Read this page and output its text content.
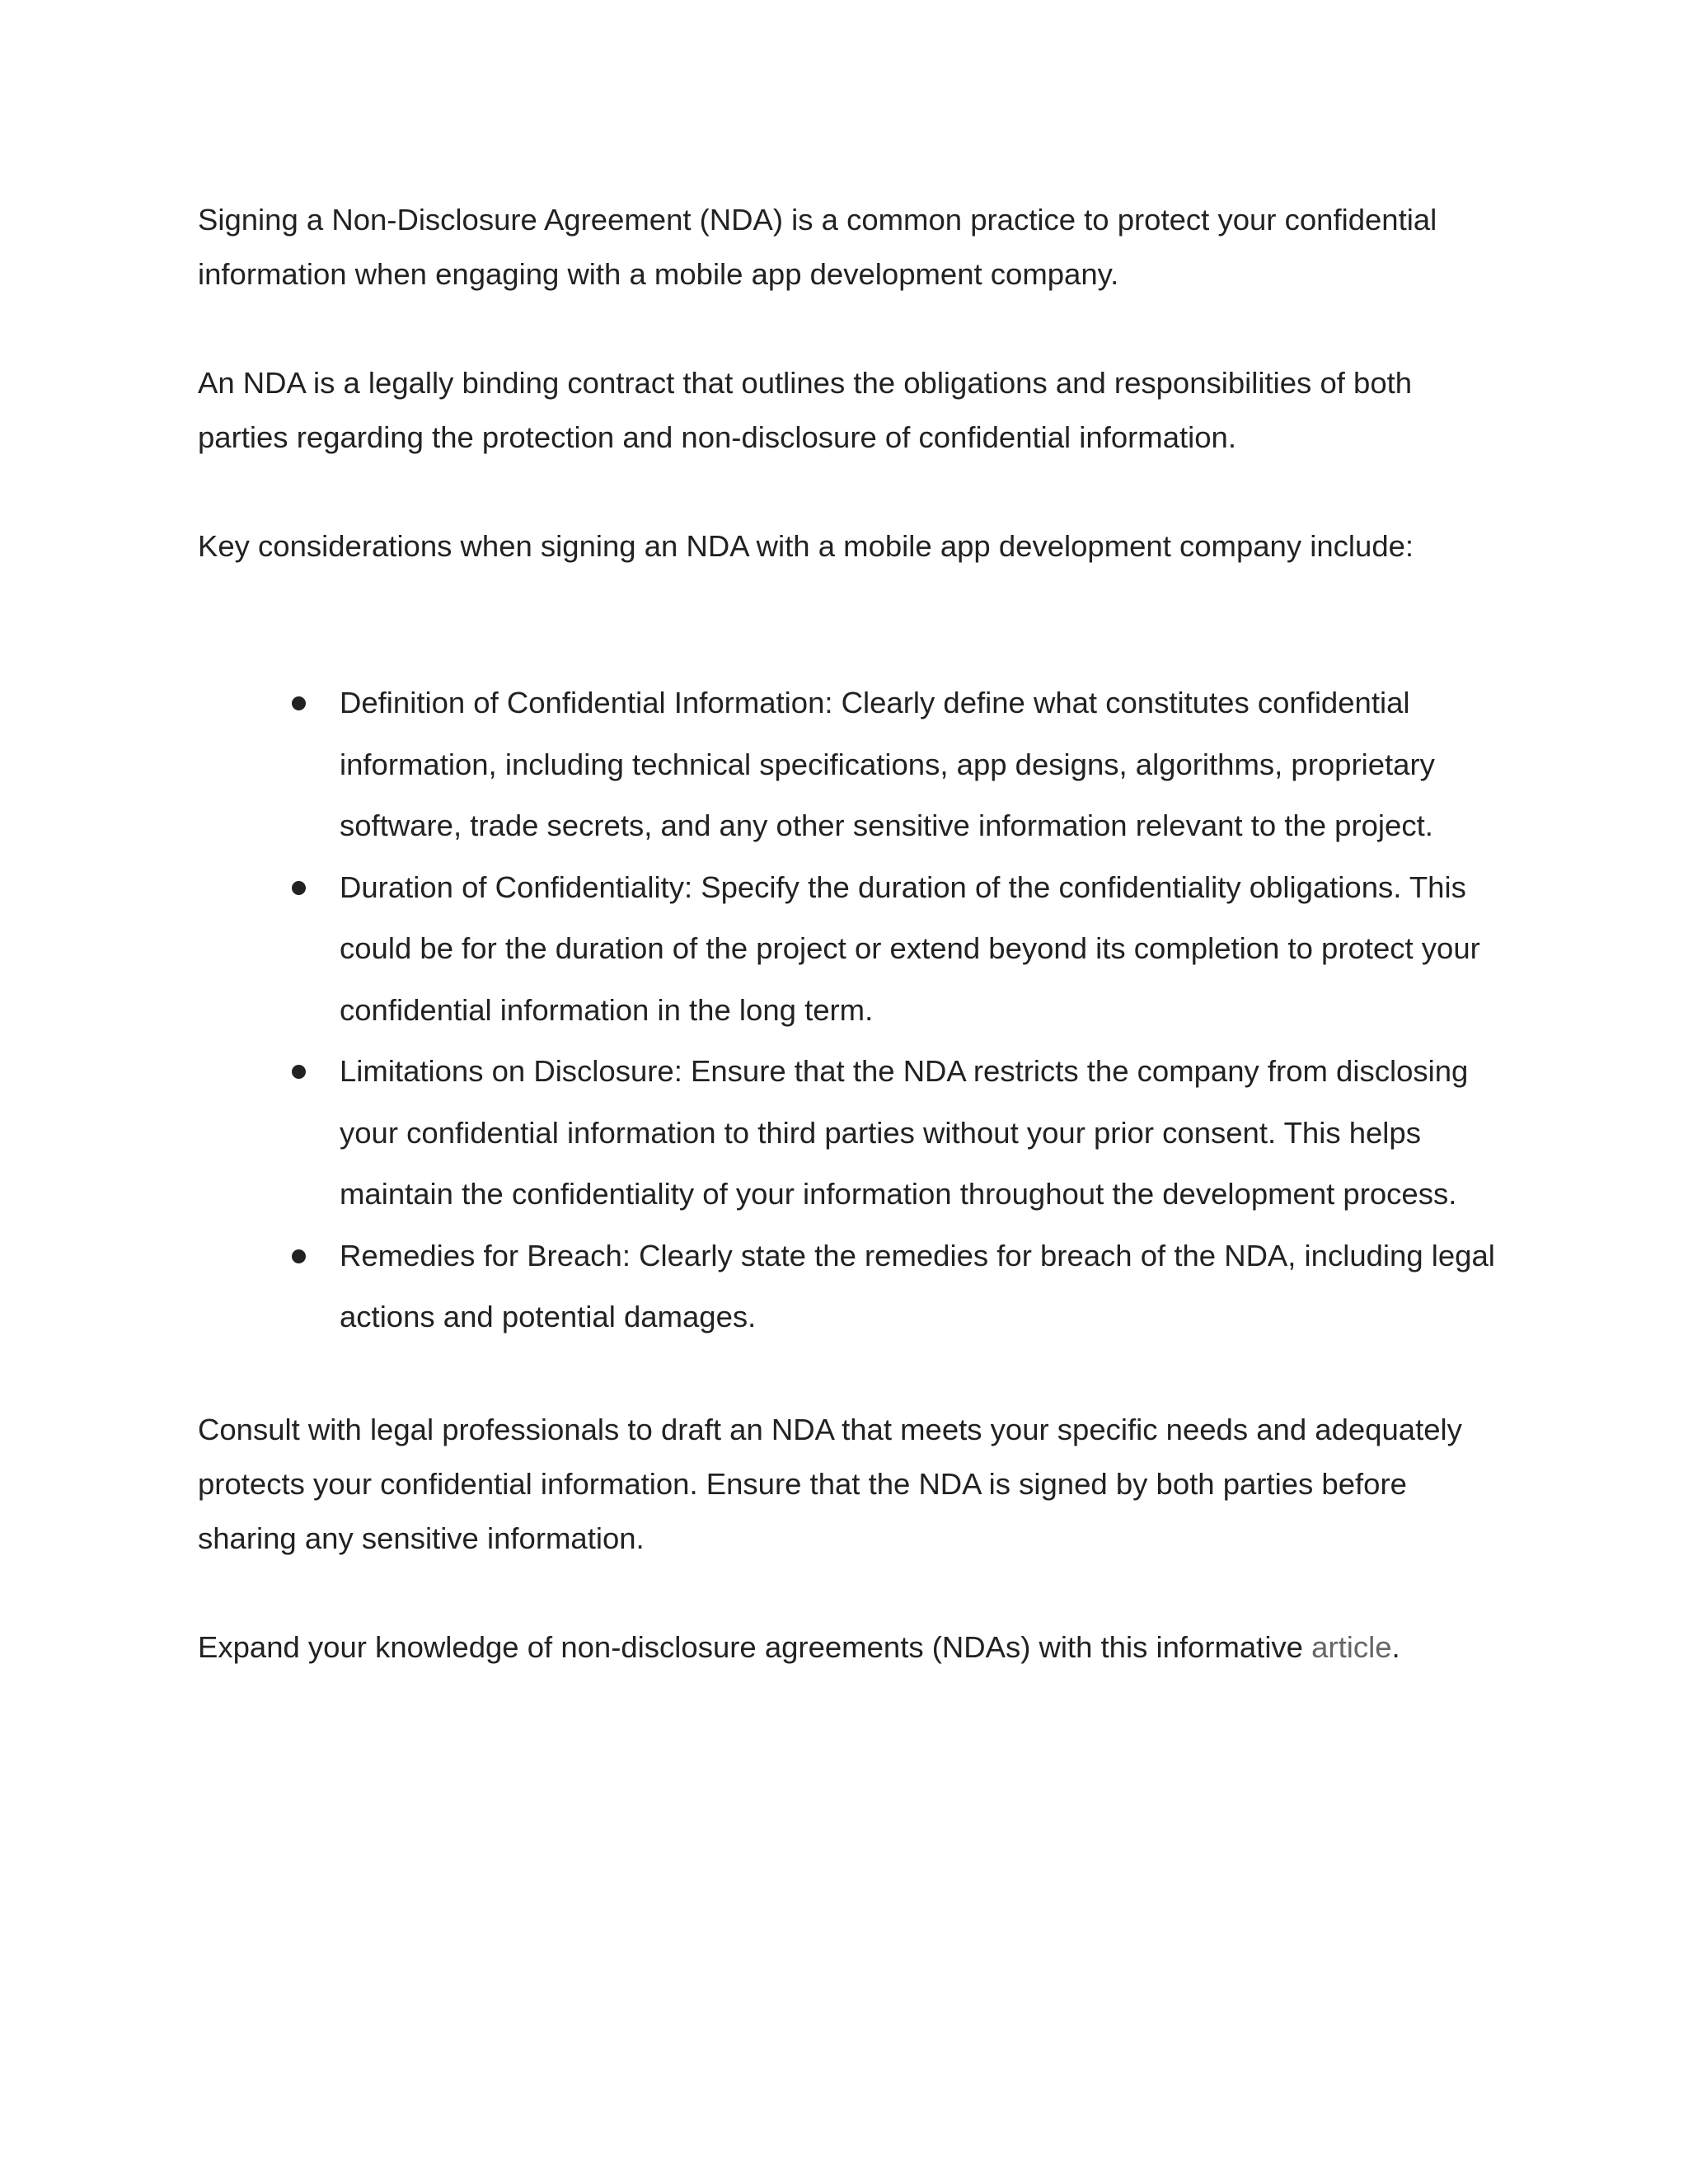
Signing a Non-Disclosure Agreement (NDA) is a common practice to protect your confidential information when engaging with a mobile app development company.

An NDA is a legally binding contract that outlines the obligations and responsibilities of both parties regarding the protection and non-disclosure of confidential information.

Key considerations when signing an NDA with a mobile app development company include:

Definition of Confidential Information: Clearly define what constitutes confidential information, including technical specifications, app designs, algorithms, proprietary software, trade secrets, and any other sensitive information relevant to the project.
Duration of Confidentiality: Specify the duration of the confidentiality obligations. This could be for the duration of the project or extend beyond its completion to protect your confidential information in the long term.
Limitations on Disclosure: Ensure that the NDA restricts the company from disclosing your confidential information to third parties without your prior consent. This helps maintain the confidentiality of your information throughout the development process.
Remedies for Breach: Clearly state the remedies for breach of the NDA, including legal actions and potential damages.

Consult with legal professionals to draft an NDA that meets your specific needs and adequately protects your confidential information. Ensure that the NDA is signed by both parties before sharing any sensitive information.

Expand your knowledge of non-disclosure agreements (NDAs) with this informative article.
